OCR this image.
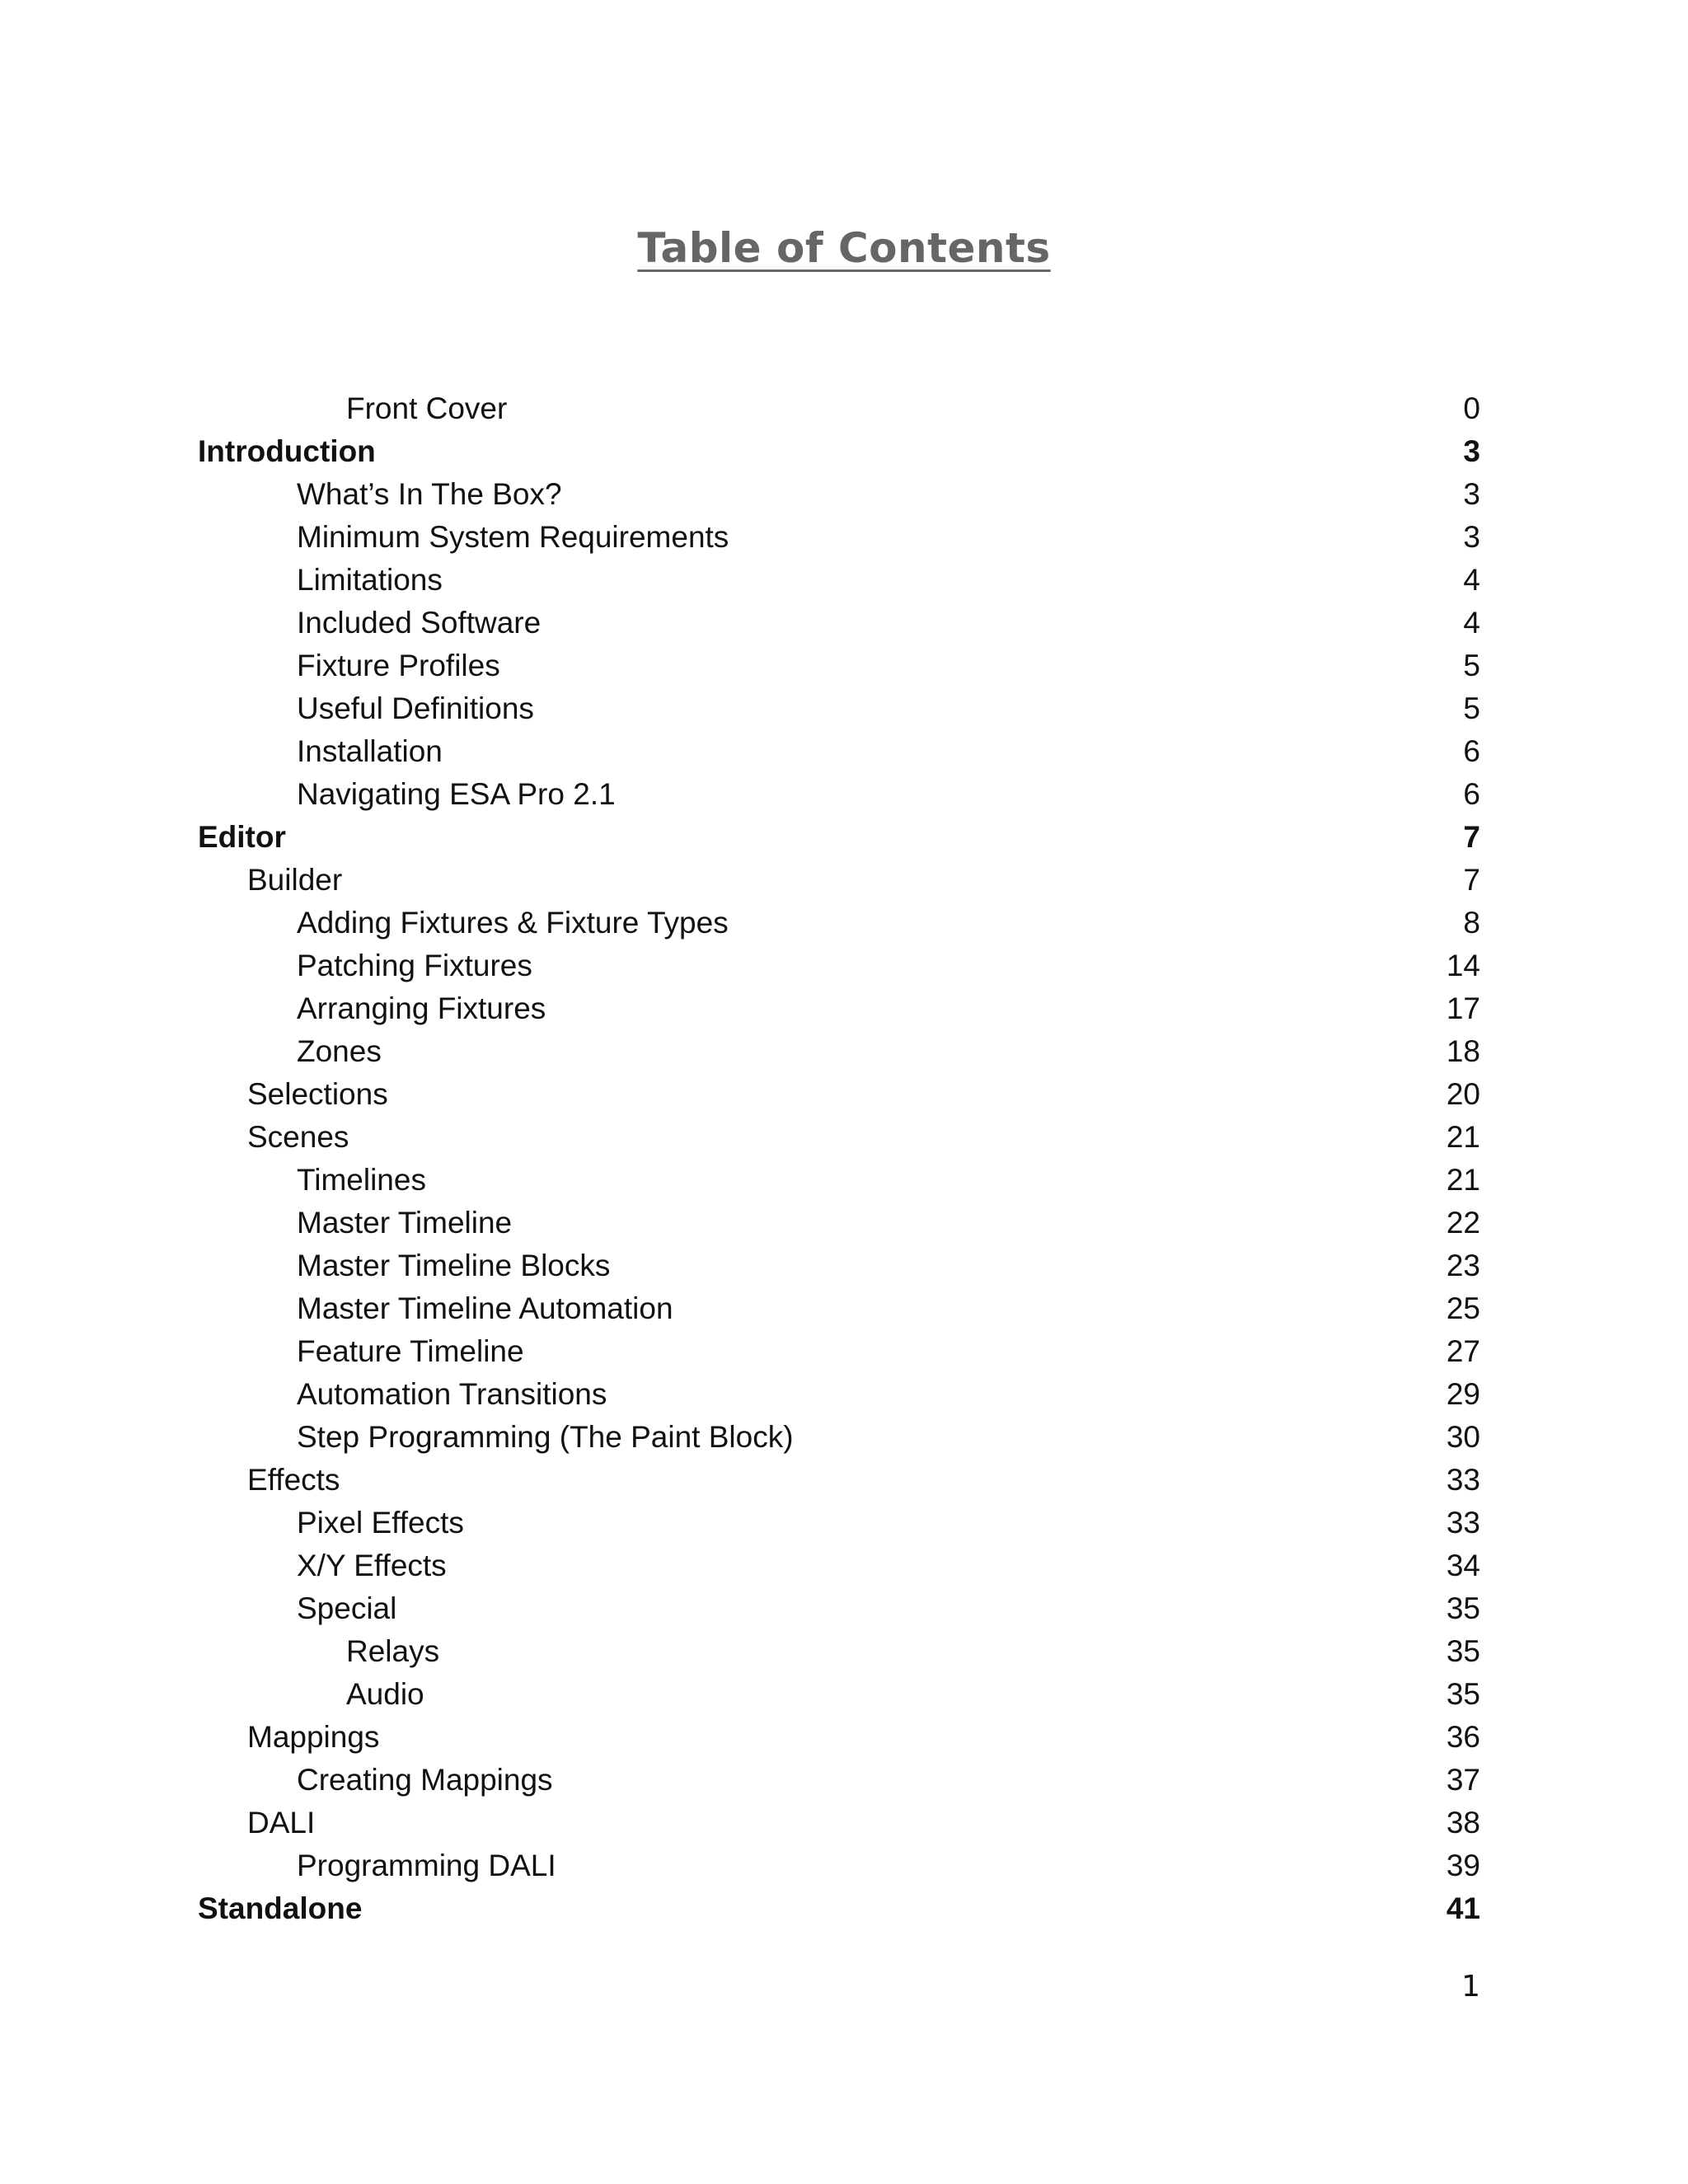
Table of Contents
Front Cover	0
Introduction	3
What’s In The Box?	3
Minimum System Requirements	3
Limitations	4
Included Software	4
Fixture Profiles	5
Useful Definitions	5
Installation	6
Navigating ESA Pro 2.1	6
Editor	7
Builder	7
Adding Fixtures & Fixture Types	8
Patching Fixtures	14
Arranging Fixtures	17
Zones	18
Selections	20
Scenes	21
Timelines	21
Master Timeline	22
Master Timeline Blocks	23
Master Timeline Automation	25
Feature Timeline	27
Automation Transitions	29
Step Programming (The Paint Block)	30
Effects	33
Pixel Effects	33
X/Y Effects	34
Special	35
Relays	35
Audio	35
Mappings	36
Creating Mappings	37
DALI	38
Programming DALI	39
Standalone	41
1
